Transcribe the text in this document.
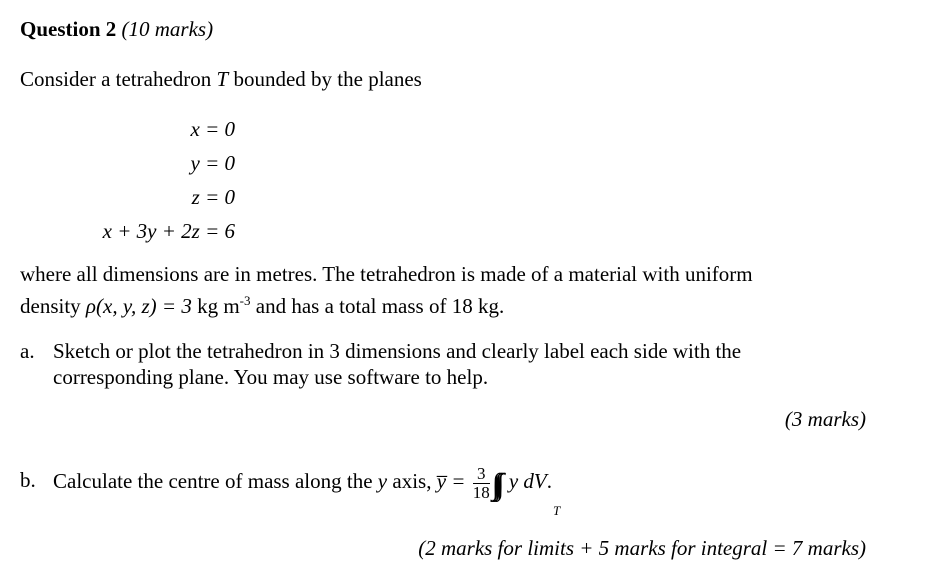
Question 2 (10 marks)
Consider a tetrahedron T bounded by the planes
x = 0
y = 0
z = 0
x + 3y + 2z = 6
where all dimensions are in metres. The tetrahedron is made of a material with uniform
density ρ(x, y, z) = 3 kg $m^{-3}$ and has a total mass of 18 kg.
a. Sketch or plot the tetrahedron in 3 dimensions and clearly label each side with the
corresponding plane. You may use software to help.
(3 marks)
b. Calculate the centre of mass along the y axis, y̅ = $\frac{3}{18}$ ∫∫∫ y dV.
T
(2 marks for limits + 5 marks for integral = 7 marks)
